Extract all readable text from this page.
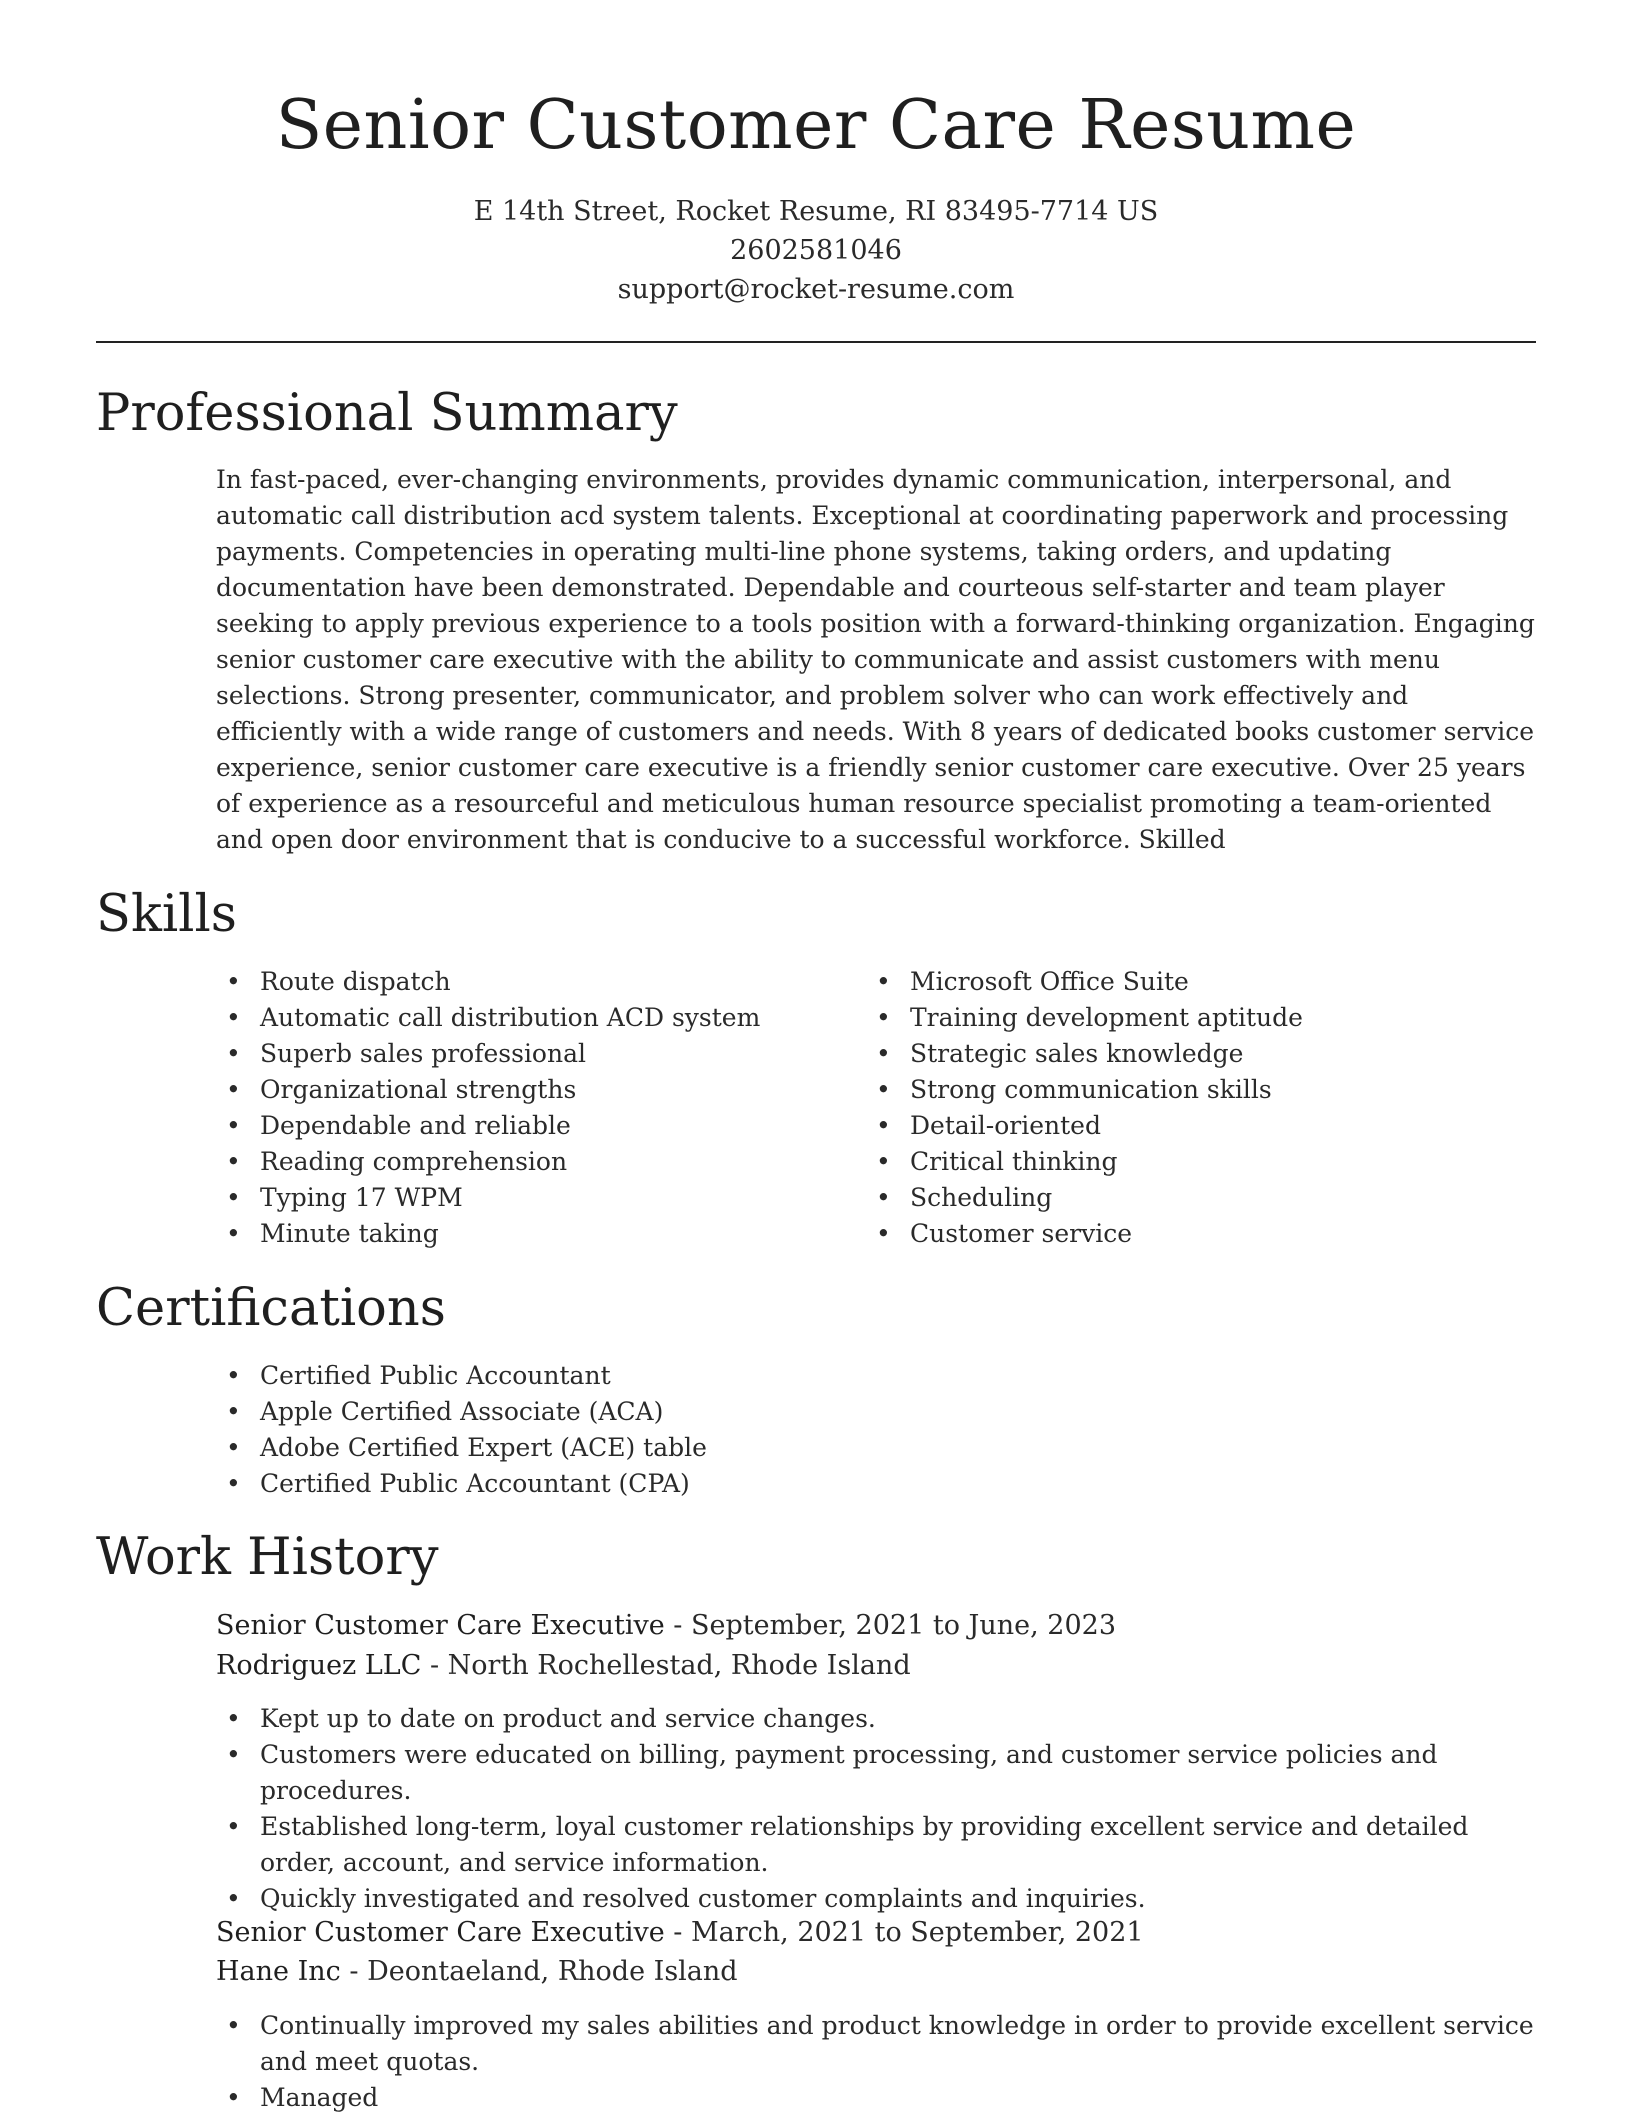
Senior Customer Care Resume
E 14th Street, Rocket Resume, RI 83495-7714 US
2602581046
support@rocket-resume.com
Professional Summary
In fast-paced, ever-changing environments, provides dynamic communication, interpersonal, and automatic call distribution acd system talents. Exceptional at coordinating paperwork and processing payments. Competencies in operating multi-line phone systems, taking orders, and updating documentation have been demonstrated. Dependable and courteous self-starter and team player seeking to apply previous experience to a tools position with a forward-thinking organization. Engaging senior customer care executive with the ability to communicate and assist customers with menu selections. Strong presenter, communicator, and problem solver who can work effectively and efficiently with a wide range of customers and needs. With 8 years of dedicated books customer service experience, senior customer care executive is a friendly senior customer care executive. Over 25 years of experience as a resourceful and meticulous human resource specialist promoting a team-oriented and open door environment that is conducive to a successful workforce. Skilled
Skills
• Route dispatch
• Automatic call distribution ACD system
• Superb sales professional
• Organizational strengths
• Dependable and reliable
• Reading comprehension
• Typing 17 WPM
• Minute taking
• Microsoft Office Suite
• Training development aptitude
• Strategic sales knowledge
• Strong communication skills
• Detail-oriented
• Critical thinking
• Scheduling
• Customer service
Certifications
• Certified Public Accountant
• Apple Certified Associate (ACA)
• Adobe Certified Expert (ACE) table
• Certified Public Accountant (CPA)
Work History
Senior Customer Care Executive - September, 2021 to June, 2023
Rodriguez LLC - North Rochellestad, Rhode Island
• Kept up to date on product and service changes.
• Customers were educated on billing, payment processing, and customer service policies and procedures.
• Established long-term, loyal customer relationships by providing excellent service and detailed order, account, and service information.
• Quickly investigated and resolved customer complaints and inquiries.
Senior Customer Care Executive - March, 2021 to September, 2021
Hane Inc - Deontaeland, Rhode Island
• Continually improved my sales abilities and product knowledge in order to provide excellent service and meet quotas.
• Managed
